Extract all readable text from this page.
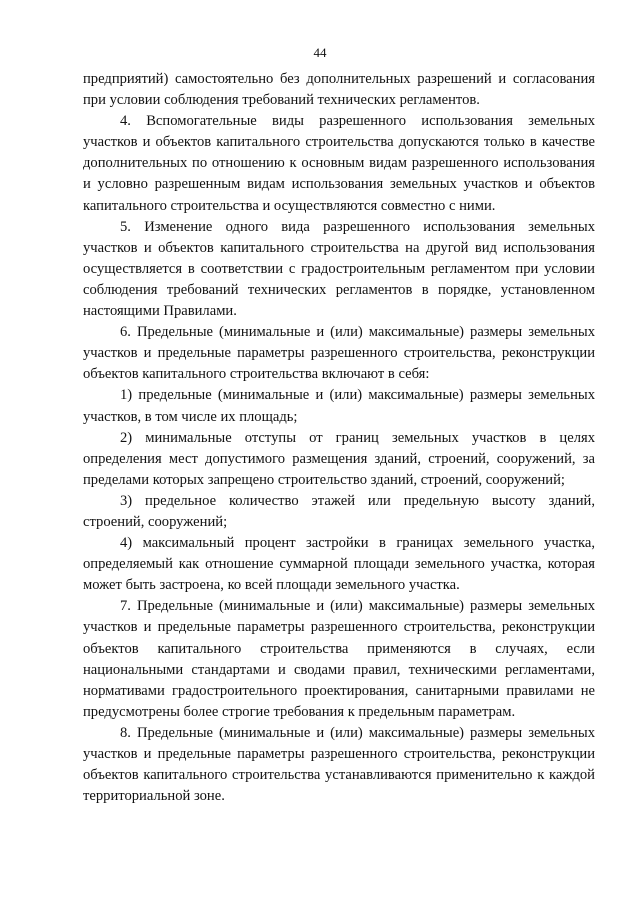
44

предприятий) самостоятельно без дополнительных разрешений и согласования при условии соблюдения требований технических регламентов.

4. Вспомогательные виды разрешенного использования земельных участков и объектов капитального строительства допускаются только в качестве дополнительных по отношению к основным видам разрешенного использования и условно разрешенным видам использования земельных участков и объектов капитального строительства и осуществляются совместно с ними.

5. Изменение одного вида разрешенного использования земельных участков и объектов капитального строительства на другой вид использования осуществляется в соответствии с градостроительным регламентом при условии соблюдения требований технических регламентов в порядке, установленном настоящими Правилами.

6. Предельные (минимальные и (или) максимальные) размеры земельных участков и предельные параметры разрешенного строительства, реконструкции объектов капитального строительства включают в себя:

1) предельные (минимальные и (или) максимальные) размеры земельных участков, в том числе их площадь;

2) минимальные отступы от границ земельных участков в целях определения мест допустимого размещения зданий, строений, сооружений, за пределами которых запрещено строительство зданий, строений, сооружений;

3) предельное количество этажей или предельную высоту зданий, строений, сооружений;

4) максимальный процент застройки в границах земельного участка, определяемый как отношение суммарной площади земельного участка, которая может быть застроена, ко всей площади земельного участка.

7. Предельные (минимальные и (или) максимальные) размеры земельных участков и предельные параметры разрешенного строительства, реконструкции объектов капитального строительства применяются в случаях, если национальными стандартами и сводами правил, техническими регламентами, нормативами градостроительного проектирования, санитарными правилами не предусмотрены более строгие требования к предельным параметрам.

8. Предельные (минимальные и (или) максимальные) размеры земельных участков и предельные параметры разрешенного строительства, реконструкции объектов капитального строительства устанавливаются применительно к каждой территориальной зоне.
